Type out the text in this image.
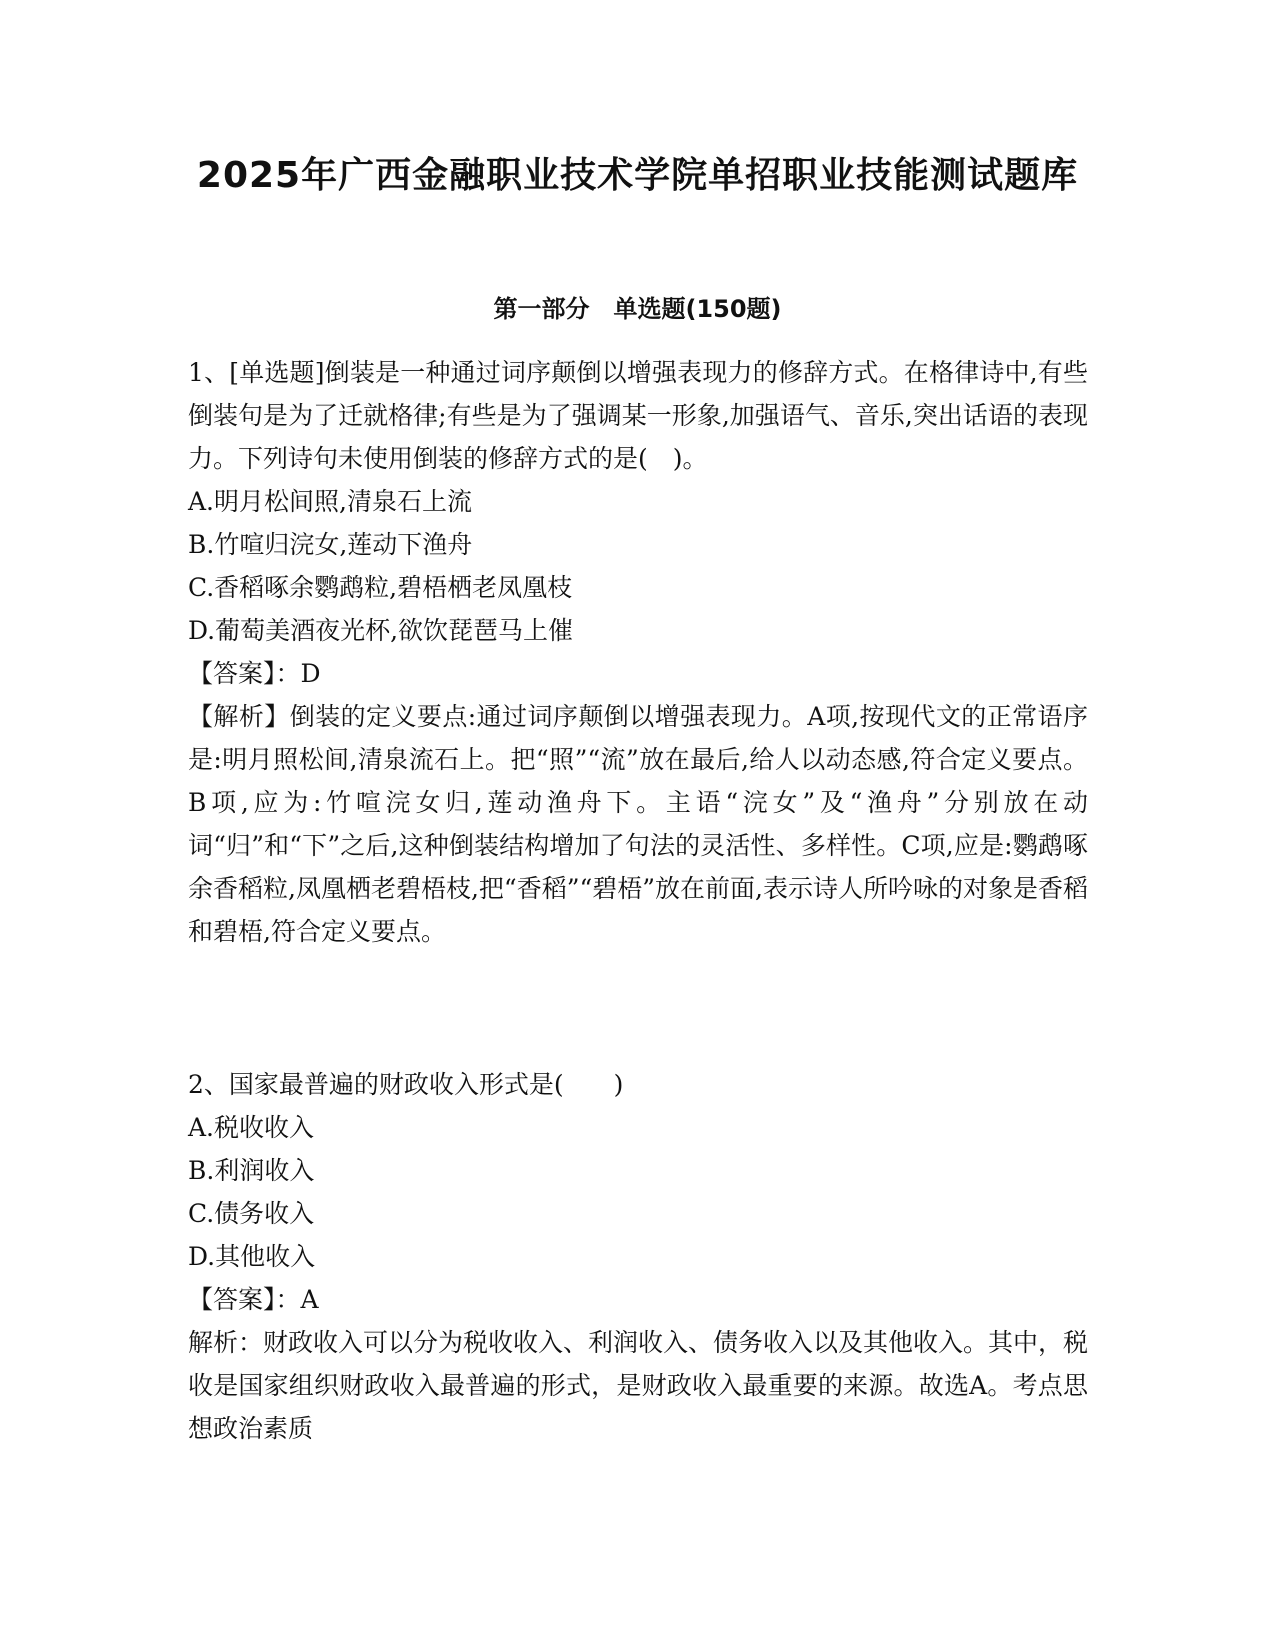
2025年广西金融职业技术学院单招职业技能测试题库
第一部分　单选题(150题)
1、[单选题]倒装是一种通过词序颠倒以增强表现力的修辞方式。在格律诗中,有些倒装句是为了迁就格律;有些是为了强调某一形象,加强语气、音乐,突出话语的表现力。下列诗句未使用倒装的修辞方式的是(　)。
A.明月松间照,清泉石上流
B.竹喧归浣女,莲动下渔舟
C.香稻啄余鹦鹉粒,碧梧栖老凤凰枝
D.葡萄美酒夜光杯,欲饮琵琶马上催
【答案】：D
【解析】倒装的定义要点:通过词序颠倒以增强表现力。A项,按现代文的正常语序是:明月照松间,清泉流石上。把“照”“流”放在最后,给人以动态感,符合定义要点。B项,应为:竹喧浣女归,莲动渔舟下。主语“浣女”及“渔舟”分别放在动词“归”和“下”之后,这种倒装结构增加了句法的灵活性、多样性。C项,应是:鹦鹉啄余香稻粒,凤凰栖老碧梧枝,把“香稻”“碧梧”放在前面,表示诗人所吟咏的对象是香稻和碧梧,符合定义要点。
2、国家最普遍的财政收入形式是(　　)
A.税收收入
B.利润收入
C.债务收入
D.其他收入
【答案】：A
解析：财政收入可以分为税收收入、利润收入、债务收入以及其他收入。其中，税收是国家组织财政收入最普遍的形式，是财政收入最重要的来源。故选A。考点思想政治素质
